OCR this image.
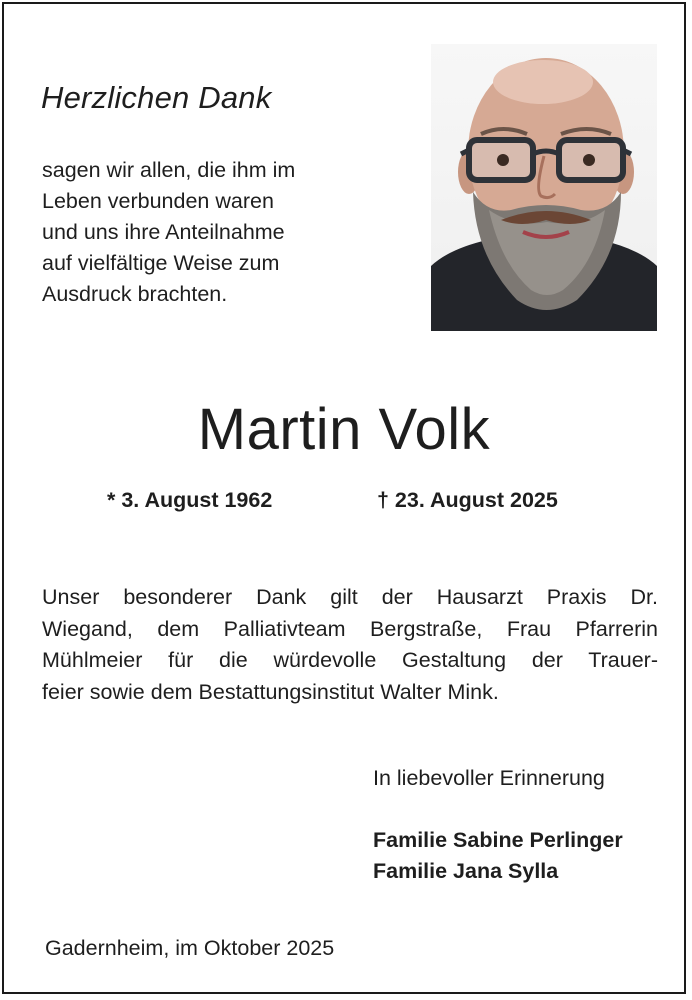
Herzlichen Dank
sagen wir allen, die ihm im
Leben verbunden waren
und uns ihre Anteilnahme
auf vielfältige Weise zum
Ausdruck brachten.
Martin Volk
* 3. August 1962	† 23. August 2025
Unser besonderer Dank gilt der Hausarzt Praxis Dr.
Wiegand, dem Palliativteam Bergstraße, Frau Pfarrerin
Mühlmeier für die würdevolle Gestaltung der Trauer-
feier sowie dem Bestattungsinstitut Walter Mink.
In liebevoller Erinnerung
Familie Sabine Perlinger
Familie Jana Sylla
Gadernheim, im Oktober 2025
